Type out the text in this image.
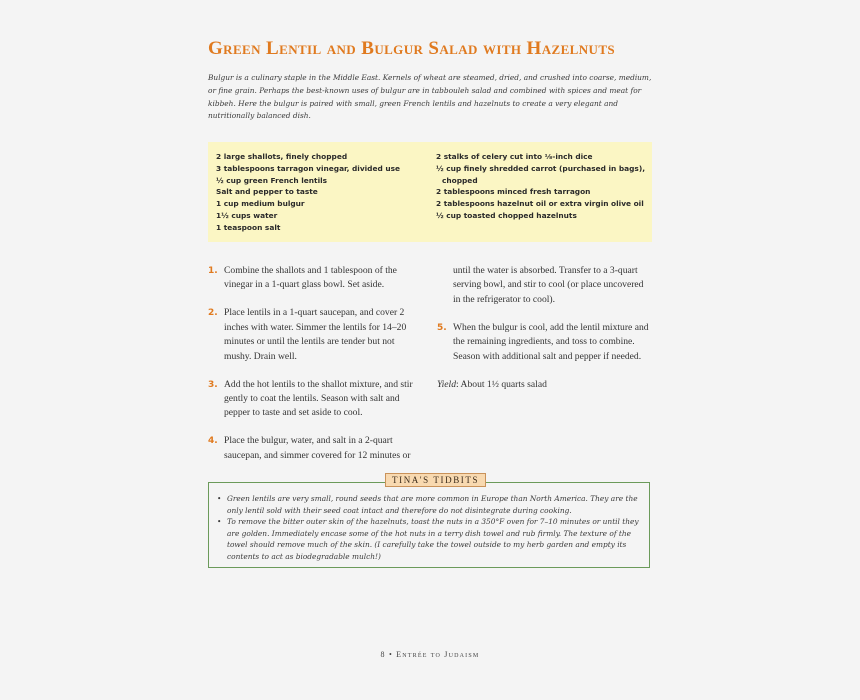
Green Lentil and Bulgur Salad with Hazelnuts

Bulgur is a culinary staple in the Middle East. Kernels of wheat are steamed, dried, and crushed into coarse, medium, or fine grain. Perhaps the best-known uses of bulgur are in tabbouleh salad and combined with spices and meat for kibbeh. Here the bulgur is paired with small, green French lentils and hazelnuts to create a very elegant and nutritionally balanced dish.

2 large shallots, finely chopped
3 tablespoons tarragon vinegar, divided use
½ cup green French lentils
Salt and pepper to taste
1 cup medium bulgur
1½ cups water
1 teaspoon salt
2 stalks of celery cut into ⅛-inch dice
½ cup finely shredded carrot (purchased in bags),
chopped
2 tablespoons minced fresh tarragon
2 tablespoons hazelnut oil or extra virgin olive oil
½ cup toasted chopped hazelnuts
1. Combine the shallots and 1 tablespoon of the vinegar in a 1-quart glass bowl. Set aside.
2. Place lentils in a 1-quart saucepan, and cover 2 inches with water. Simmer the lentils for 14–20 minutes or until the lentils are tender but not mushy. Drain well.
3. Add the hot lentils to the shallot mixture, and stir gently to coat the lentils. Season with salt and pepper to taste and set aside to cool.
4. Place the bulgur, water, and salt in a 2-quart saucepan, and simmer covered for 12 minutes or
until the water is absorbed. Transfer to a 3-quart serving bowl, and stir to cool (or place uncovered in the refrigerator to cool).
5. When the bulgur is cool, add the lentil mixture and the remaining ingredients, and toss to combine. Season with additional salt and pepper if needed.
Yield: About 1½ quarts salad
TINA'S TIDBITS
• Green lentils are very small, round seeds that are more common in Europe than North America. They are the only lentil sold with their seed coat intact and therefore do not disintegrate during cooking.
• To remove the bitter outer skin of the hazelnuts, toast the nuts in a 350°F oven for 7–10 minutes or until they are golden. Immediately encase some of the hot nuts in a terry dish towel and rub firmly. The texture of the towel should remove much of the skin. (I carefully take the towel outside to my herb garden and empty its contents to act as biodegradable mulch!)
8 • Entrée to Judaism
